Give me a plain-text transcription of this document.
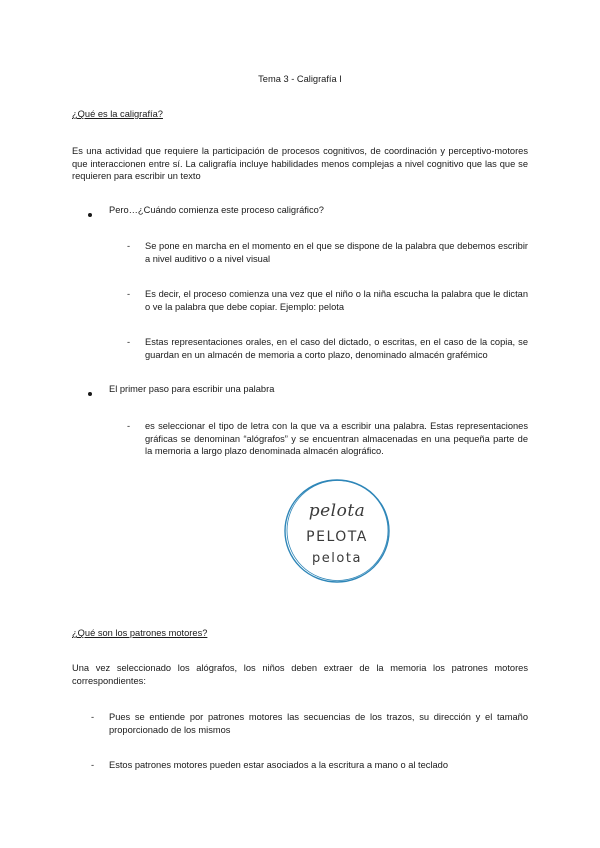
Tema 3 - Caligrafía I
¿Qué es la caligrafía?
Es una actividad que requiere la participación de procesos cognitivos, de coordinación y perceptivo-motores que interaccionen entre sí. La caligrafía incluye habilidades menos complejas a nivel cognitivo que las que se requieren para escribir un texto
Pero…¿Cuándo comienza este proceso caligráfico?
- Se pone en marcha en el momento en el que se dispone de la palabra que debemos escribir a nivel auditivo o a nivel visual
- Es decir, el proceso comienza una vez que el niño o la niña escucha la palabra que le dictan o ve la palabra que debe copiar. Ejemplo: pelota
- Estas representaciones orales, en el caso del dictado, o escritas, en el caso de la copia, se guardan en un almacén de memoria a corto plazo, denominado almacén grafémico
El primer paso para escribir una palabra
- es seleccionar el tipo de letra con la que va a escribir una palabra. Estas representaciones gráficas se denominan “alógrafos” y se encuentran almacenadas en una pequeña parte de la memoria a largo plazo denominada almacén alográfico.
pelota
PELOTA
pelota
¿Qué son los patrones motores?
Una vez seleccionado los alógrafos, los niños deben extraer de la memoria los patrones motores correspondientes:
- Pues se entiende por patrones motores las secuencias de los trazos, su dirección y el tamaño proporcionado de los mismos
- Estos patrones motores pueden estar asociados a la escritura a mano o al teclado
